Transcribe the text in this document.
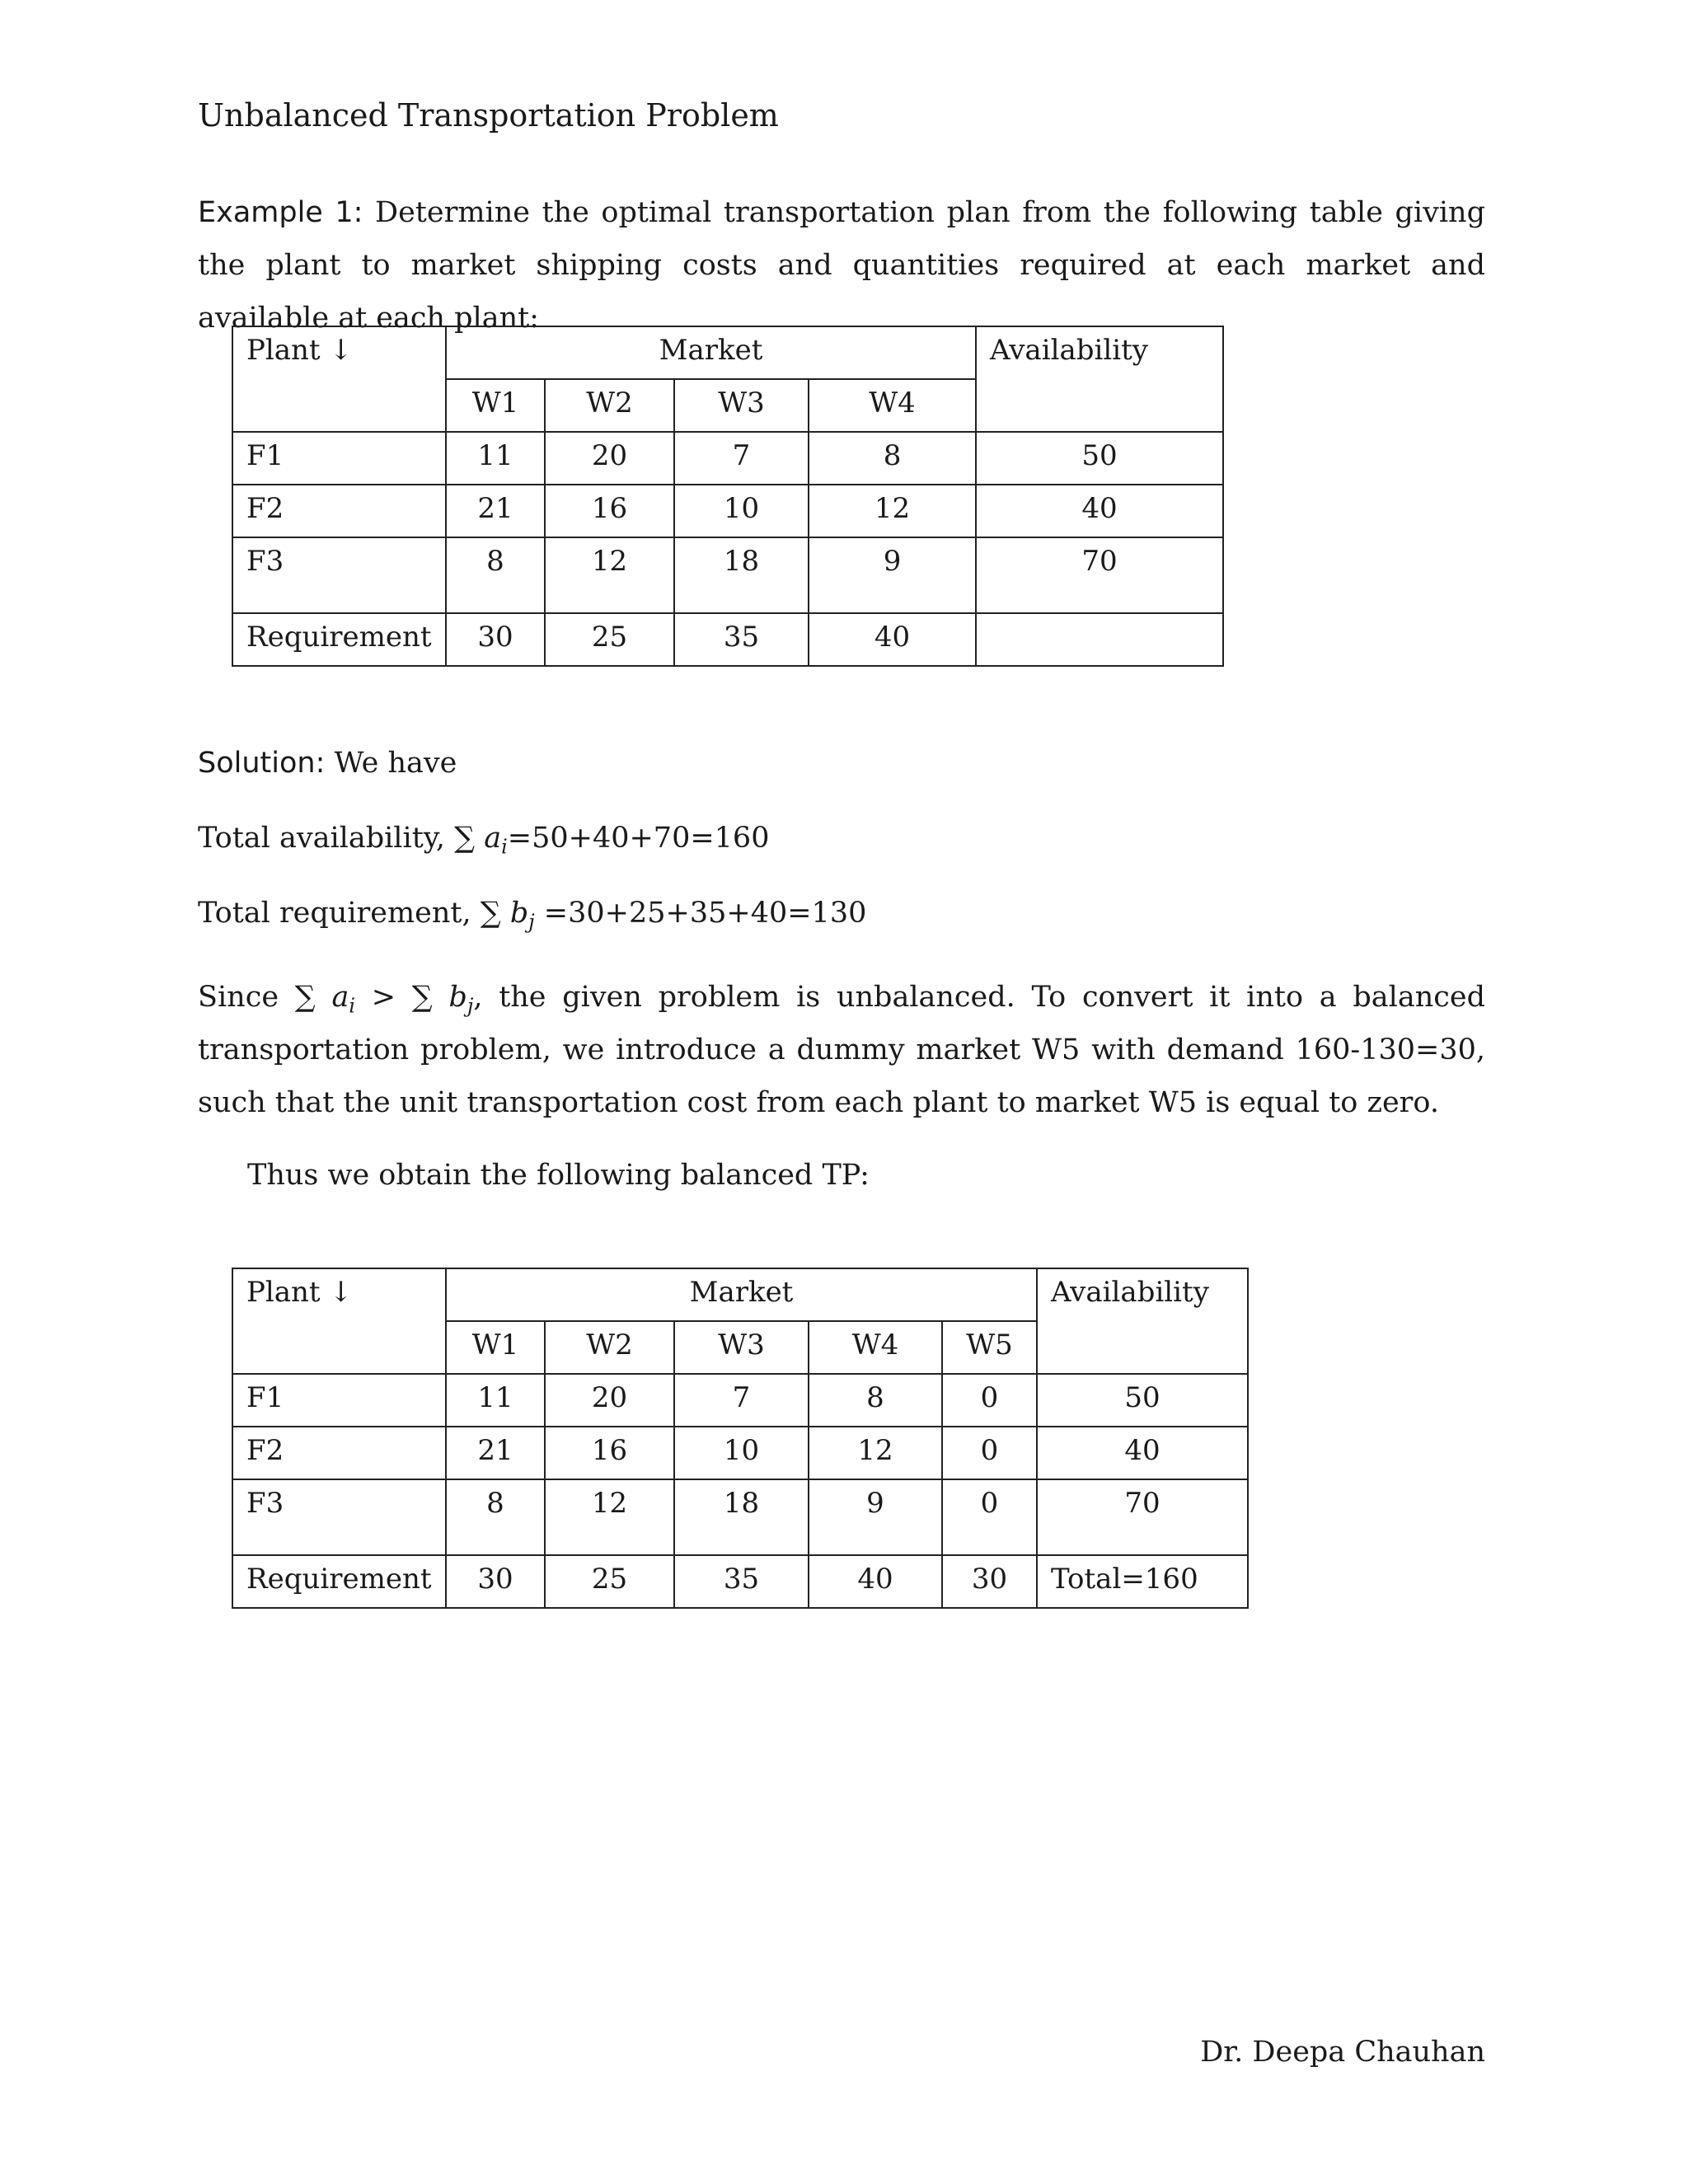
Unbalanced Transportation Problem
Example 1: Determine the optimal transportation plan from the following table giving the plant to market shipping costs and quantities required at each market and available at each plant:
Plant ↓	Market				Availability
	W1	W2	W3	W4	
F1	11	20	7	8	50
F2	21	16	10	12	40
F3	8	12	18	9	70
Requirement	30	25	35	40	
Solution: We have
Total availability, ∑ $a_i=50+40+70=160$
Total requirement, ∑ $b_j =30+25+35+40=130$
Since ∑ $a_i$ > ∑ $b_j$, the given problem is unbalanced. To convert it into a balanced transportation problem, we introduce a dummy market W5 with demand 160-130=30, such that the unit transportation cost from each plant to market W5 is equal to zero.
Thus we obtain the following balanced TP:
Plant ↓	Market					Availability
	W1	W2	W3	W4	W5	
F1	11	20	7	8	0	50
F2	21	16	10	12	0	40
F3	8	12	18	9	0	70
Requirement	30	25	35	40	30	Total=160
Dr. Deepa Chauhan
